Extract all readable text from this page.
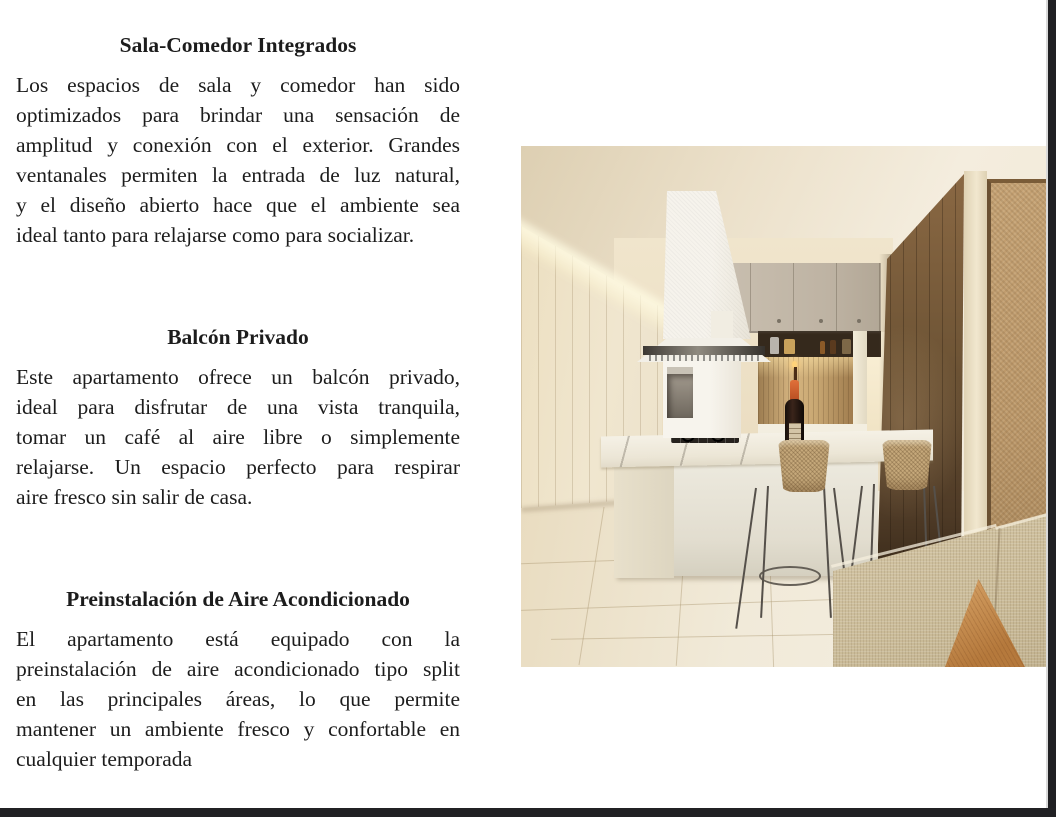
Sala-Comedor Integrados
Los espacios de sala y comedor han sido
optimizados para brindar una sensación de
amplitud y conexión con el exterior. Grandes
ventanales permiten la entrada de luz natural,
y el diseño abierto hace que el ambiente sea
ideal tanto para relajarse como para socializar.
Balcón Privado
Este apartamento ofrece un balcón privado,
ideal para disfrutar de una vista tranquila,
tomar un café al aire libre o simplemente
relajarse. Un espacio perfecto para respirar
aire fresco sin salir de casa.
Preinstalación de Aire Acondicionado
El apartamento está equipado con la
preinstalación de aire acondicionado tipo split
en las principales áreas, lo que permite
mantener un ambiente fresco y confortable en
cualquier temporada
